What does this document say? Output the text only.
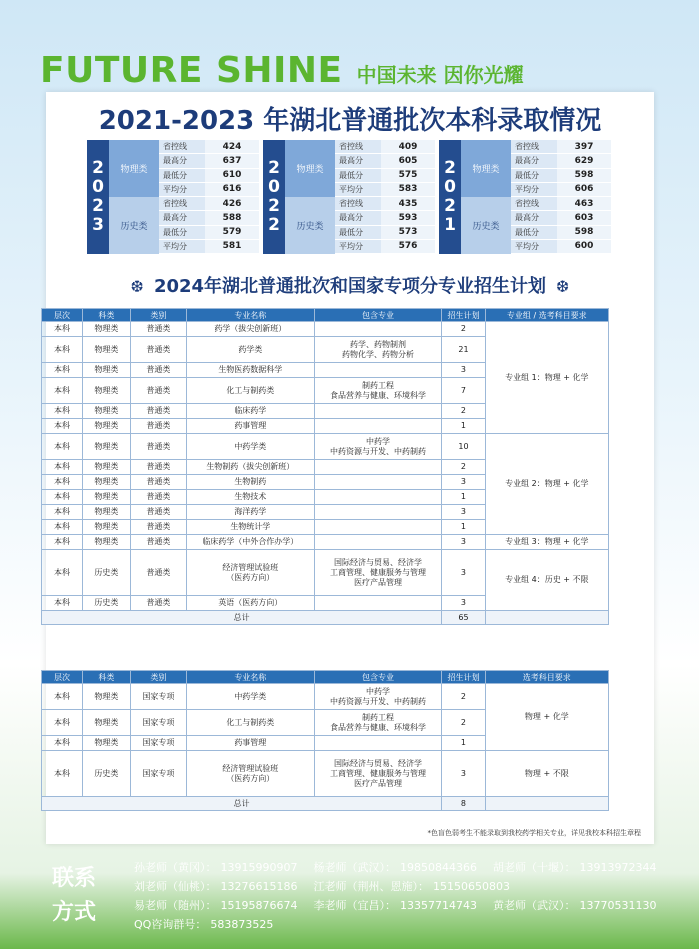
FUTURE SHINE 中国未来 因你光耀
2021-2023 年湖北普通批次本科录取情况
2
0
2
3
物理类
省控线	424
最高分	637
最低分	610
平均分	616
历史类
省控线	426
最高分	588
最低分	579
平均分	581
2
0
2
2
物理类
省控线	409
最高分	605
最低分	575
平均分	583
历史类
省控线	435
最高分	593
最低分	573
平均分	576
2
0
2
1
物理类
省控线	397
最高分	629
最低分	598
平均分	606
历史类
省控线	463
最高分	603
最低分	598
平均分	600
❆ 2024年湖北普通批次和国家专项分专业招生计划 ❆
层次	科类	类别	专业名称	包含专业	招生计划	专业组 / 选考科目要求
本科	物理类	普通类	药学（拔尖创新班）		2	专业组 1：物理 + 化学
本科	物理类	普通类	药学类	药学、药物制剂
药物化学、药物分析	21	
本科	物理类	普通类	生物医药数据科学		3	
本科	物理类	普通类	化工与制药类	制药工程
食品营养与健康、环境科学	7	
本科	物理类	普通类	临床药学		2	
本科	物理类	普通类	药事管理		1	
本科	物理类	普通类	中药学类	中药学
中药资源与开发、中药制药	10	专业组 2：物理 + 化学
本科	物理类	普通类	生物制药（拔尖创新班）		2	
本科	物理类	普通类	生物制药		3	
本科	物理类	普通类	生物技术		1	
本科	物理类	普通类	海洋药学		3	
本科	物理类	普通类	生物统计学		1	
本科	物理类	普通类	临床药学（中外合作办学）		3	专业组 3：物理 + 化学
本科	历史类	普通类	经济管理试验班
（医药方向）	国际经济与贸易、经济学
工商管理、健康服务与管理
医疗产品管理	3	专业组 4：历史 + 不限
本科	历史类	普通类	英语（医药方向）		3	
总计					65	
层次	科类	类别	专业名称	包含专业	招生计划	选考科目要求
本科	物理类	国家专项	中药学类	中药学
中药资源与开发、中药制药	2	物理 + 化学
本科	物理类	国家专项	化工与制药类	制药工程
食品营养与健康、环境科学	2	
本科	物理类	国家专项	药事管理		1	
本科	历史类	国家专项	经济管理试验班
（医药方向）	国际经济与贸易、经济学
工商管理、健康服务与管理
医疗产品管理	3	物理 + 不限
总计					8	
*色盲色弱考生不能录取到我校药学相关专业，详见我校本科招生章程
联系
方式
孙老师（黄冈）： 13915990907 杨老师（武汉）： 19850844366 胡老师（十堰）： 13913972344
刘老师（仙桃）： 13276615186 江老师（荆州、恩施）： 15150650803
易老师（随州）： 15195876674 李老师（宜昌）： 13357714743 黄老师（武汉）： 13770531130
QQ咨询群号： 583873525
